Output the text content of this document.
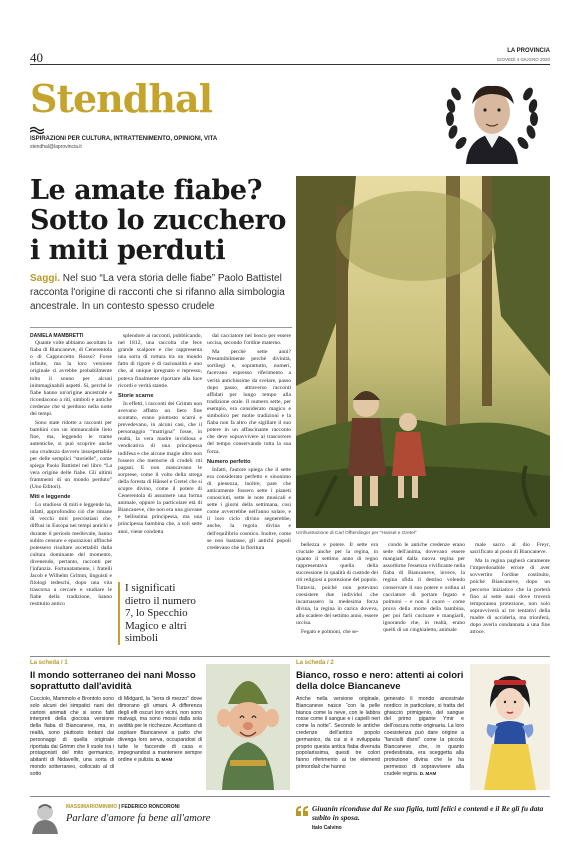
40	LA PROVINCIA
GIOVEDÌ 4 GIUGNO 2020
Stendhal
ISPIRAZIONI PER CULTURA, INTRATTENIMENTO, OPINIONI, VITA
stendhal@laprovincia.it
Le amate fiabe?
Sotto lo zucchero
i miti perduti
Saggi. Nel suo “La vera storia delle fiabe” Paolo Battistel racconta l'origine di racconti che si rifanno alla simbologia ancestrale. In un contesto spesso crudele
Un’illustrazione di Carl Offterdinger per “Hansel e Gretel”
DANIELA MAMBRETTI

Quante volte abbiamo ascoltato la fiaba di Biancaneve, di Cenerentola o di Cappuccetto Rosso? Forse infinite, ma la loro versione originale ci avrebbe probabilmente tolto il sonno per alcuni inimmaginabili aspetti. Sì, perché le fiabe hanno un'origine ancestrale e ricondacono a riti, simboli e antiche credenze che si perdono nella notte dei tempi.

Sono state ridotte a racconti per bambini con un immancabile lieto fine, ma, leggendo le trame autentiche, si può scoprire anche una crudezza davvero insospettabile per delle semplici “storielle”, come spiega Paolo Battistel nel libro “La vera origine delle fiabe. Gli ultimi frammenti di un mondo perduto” (Uno Editori).

Miti e leggende

Lo studioso di miti e leggende ha, infatti, approfondito ciò che rimane di vecchi miti precristiani che, diffusi in Europa nei tempi antichi e durante il periodo medievale, hanno subito censure e epurazioni affinché potessero risultare accettabili dalla cultura dominante del momento, divenendo, pertanto, racconti per l'infanzia. Fortunatamente, i fratelli Jacob e Wilhelm Grimm, linguisti e filologi tedeschi, dopo una vita trascorsa a cercare e studiare le fiabe della tradizione, hanno restituito antico

splendore ai racconti, pubblicando, nel 1812, una raccolta che fece grande scalpore e che rappresenta una sorta di rottura tra un mondo fatto di rigore e di razionalità e uno che, al unique ipregnato e represso, poteva finalmente riportare alla luce ricordi e verità stantie.

Storie scarne

In effetti, i racconti dei Grimm non avevano affatto un lieto fine scontato, erano piuttosto scarni e prevedevano, in alcuni casi, che il personaggio “matrigna” fosse, in realtà, la vera madre invidiosa e vendicativa di una principessa indifesa e che alcune magie altro non fossero che memorie di crudeli riti pagani. E non mancavano le sorprese, come il volto della strega della foresta di Hänsel e Gretel che si scopre divino, come il potere di Cenerentola di assumere una forma animale, oppure la particolare età di Biancaneve, che non era una giovane e bellissima principessa, ma una principessa bambina che, a soli sette anni, viene condotta

I significati dietro il numero 7, lo Specchio Magico e altri simboli

dal cacciatore nel bosco per essere uccisa, secondo l'ordine materno.

Ma perché sette anni? Presumibilmente perché divinità, sortilegi e, soprattutto, numeri, facevano espresso riferimento a verità antichissime da svelare, passo dopo passo, attraverso racconti affidati per lungo tempo alla tradizione orale. Il numero sette, per esempio, era considerato magico e simbolico per molte tradizioni e la fiaba non fa altro che sigillare il suo potere in un affascinante racconto che deve sopravvivere al trascorrere del tempo conservando tutta la sua forza.

Numero perfetto

Infatti, l'autore spiega che il sette era considerato perfetto e sinonimo di pienezza, inoltre, pare che anticamente fossero sette i pianeti conosciuti, sette le note musicali e sette i giorni della settimana, così come avverrebbe nell'anno solare, e il loro ciclo divino segnerebbe, anche, la regola divina e dell'equilibrio cosmico. Inoltre, come se non bastasse, gli antichi popoli credevano che la fioritura	bellezza e potere. Il sette era cruciale anche per la regina, in quanto il settimo anno di regno rappresentava quella della successione in qualità di custode dei riti religiosi a protezione del popolo. Tuttavia, poiché non potevano coesistere due individui che incarnassero la medesima forza divina, la regina in carica doveva, allo scadere del settimo anno, essere uccisa.

Fegato e polmoni, che se-

condo le antiche credenze erano sede dell'anima, dovevano essere mangiati dalla nuova regina per assorbirne l'essenza vivificante nella fiaba di Biancaneve, invece, la regina sfida il destino volendo conservare il suo potere e ordina al cacciatore di portare fegato e polmoni – e non il cuore – come prova della morte della bambina, per poi farli cucinare e mangiarli, ignorando che, in realtà, erano quelli di un cinghialetto, animale

male sacro al dio Freyr, sacrificato al posto di Biancaneve.

Ma la regina pagherà caramente l'imperdonabile errore di aver sovvertito l'ordine costituito, poiché Biancaneve, dopo un percorso iniziatico che la porterà fino ai sette nani dove troverà temporanea protezione, non solo sopravviverà ai tre tentativi della madre di ucciderla, ma trionferà, dopo averla condannata a una fine atroce.

La scheda / 1
Il mondo sotterraneo dei nani Mosso soprattutto dall'avidità
Cucciolo, Mammolo e Brontolo sono solo alcuni dei simpatici nani dei cartoni animati che si sono fatti interpreti della giocosa versione della fiaba di Biancaneve, ma, in realtà, sono piuttosto lontani dai personaggi di quella originale riportata dai Grimm che li vuole tra i protagonisti del mito germanico, abitanti di Nidavellir, una sorta di mondo sotterraneo, collocato al di sotto
di Midgard, la “terra di mezzo” dove dimorano gli umani. A differenza degli elfi oscuri loro vicini, non sono malvagi, ma sono mossi dalla sola avidità per le ricchezze. Accettano di ospitare Biancaneve a patto che divenga loro serva, occupandosi di tutte le faccende di casa e impegnandosi a mantenere sempre ordine e pulizia. D. MAM
La scheda / 2
Bianco, rosso e nero: attenti ai colori della dolce Biancaneve
Anche nella versione originale, Biancaneve nasce “con la pelle bianca come la neve, con le labbra rosse come il sangue e i capelli neri come la notte”. Secondo le antiche credenze dell'antico popolo germanico, da cui si è sviluppata proprio questa antica fiaba divenuta popolarissima, questi tre colori fanno riferimento ai tre elementi primordiali che hanno
generato il mondo ancestrale nordico: in particolare, si tratta del ghiaccio primigenio, del sangue del primo gigante Ymir e dell'oscura notte originaria. La loro coesistenza può dare origine a “fanciulli divini” come la piccola Biancaneve che, in quanto predestinata, era sceggetta alla protezione divina che le ha permesso di sopravvivere alla crudele regina. D. MAM
MASSIMARIOMINIMO | FEDERICO RONCORONI
Parlare d'amore fa bene all'amore
Giuanin riconduse dal Re sua figlia, tutti felici e contenti e il Re gli fu data subito in sposa.
Italo Calvino
